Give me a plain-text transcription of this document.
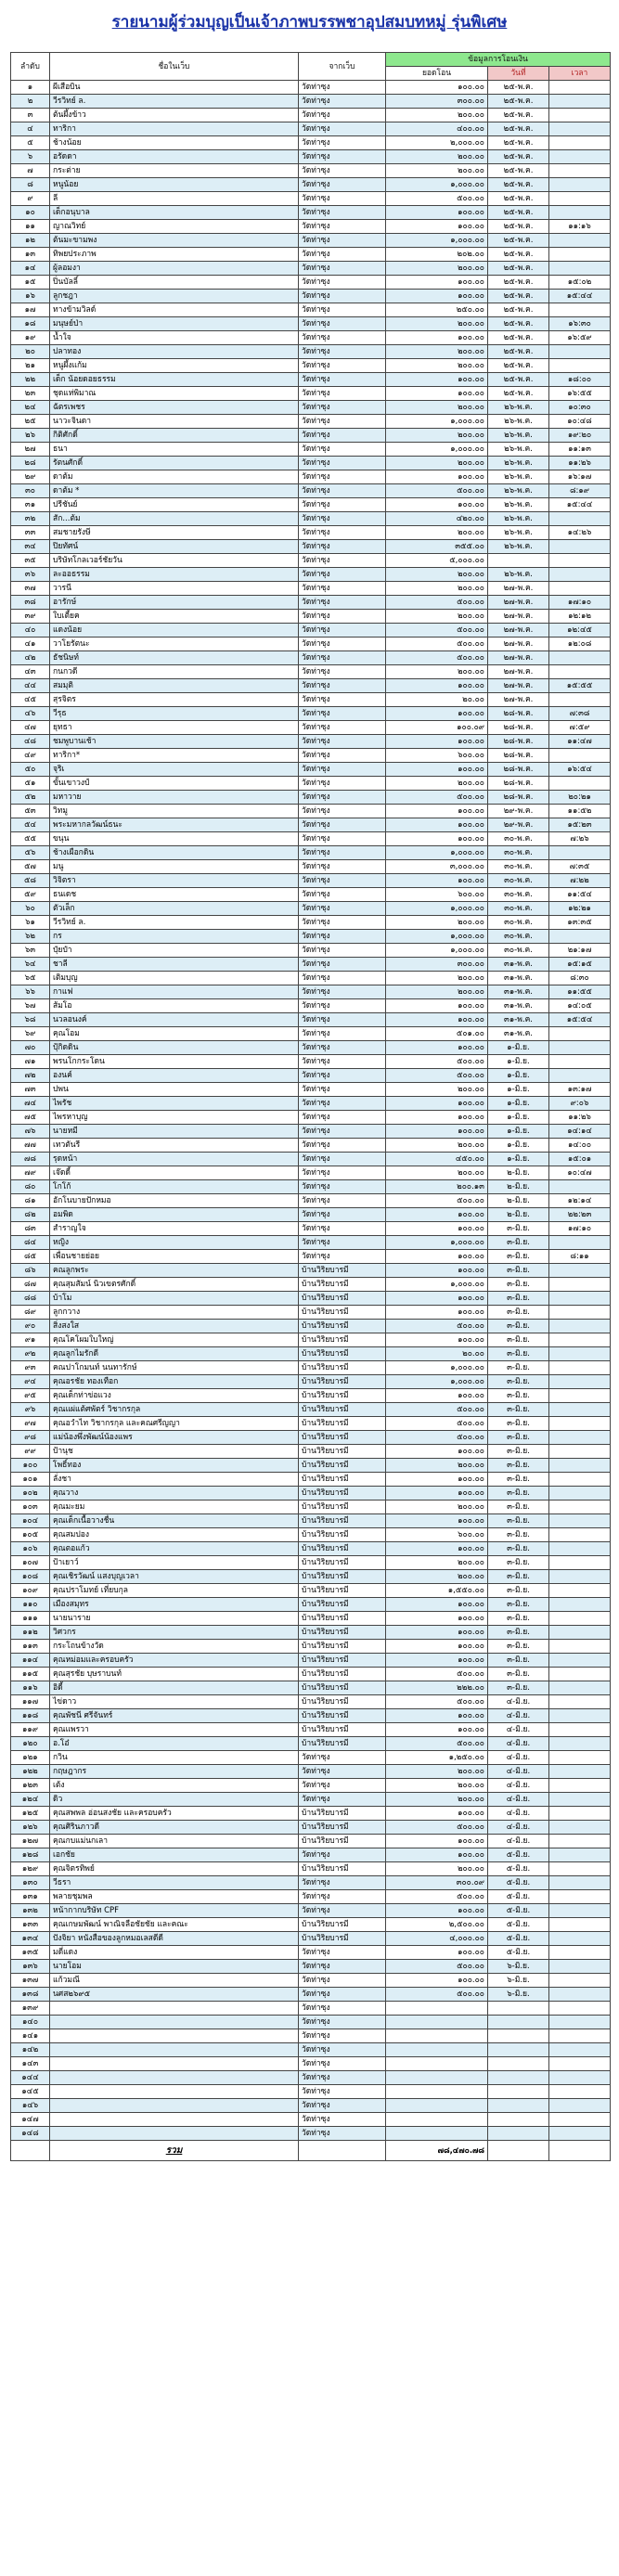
รายนามผู้ร่วมบุญเป็นเจ้าภาพบรรพชาอุปสมบทหมู่ รุ่นพิเศษ
ลำดับ	ชื่อในเว็บ	จากเว็บ	ข้อมูลการโอนเงิน		
			ยอดโอน	วันที่	เวลา
๑	ผีเสือบิน	วัดท่าซุง	๑๐๐.๐๐	๒๕-พ.ค.	
๒	วีรวิทย์ ล.	วัดท่าซุง	๓๐๐.๐๐	๒๕-พ.ค.	
๓	ต้นผึ้งข้าว	วัดท่าซุง	๒๐๐.๐๐	๒๕-พ.ค.	
๔	ทาริกา	วัดท่าซุง	๔๐๐.๐๐	๒๕-พ.ค.	
๕	ช้างน้อย	วัดท่าซุง	๒,๐๐๐.๐๐	๒๕-พ.ค.	
๖	อรัดดา	วัดท่าซุง	๒๐๐.๐๐	๒๕-พ.ค.	
๗	กระต่าย	วัดท่าซุง	๒๐๐.๐๐	๒๕-พ.ค.	
๘	หนูน้อย	วัดท่าซุง	๑,๐๐๐.๐๐	๒๕-พ.ค.	
๙	ลี	วัดท่าซุง	๕๐๐.๐๐	๒๕-พ.ค.	
๑๐	เด็กอนุบาล	วัดท่าซุง	๑๐๐.๐๐	๒๕-พ.ค.	
๑๑	ญาณวิทย์	วัดท่าซุง	๑๐๐.๐๐	๒๕-พ.ค.	๑๑:๑๖
๑๒	ต้นมะขามพง	วัดท่าซุง	๑,๐๐๐.๐๐	๒๕-พ.ค.	
๑๓	ทิพยประภาพ	วัดท่าซุง	๒๐๒.๐๐	๒๕-พ.ค.	
๑๔	ผู้ลอมงา	วัดท่าซุง	๒๐๐.๐๐	๒๕-พ.ค.	
๑๕	ปิ่นบัลลิ์	วัดท่าซุง	๑๐๐.๐๐	๒๕-พ.ค.	๑๕:๐๒
๑๖	ลูกชฎา	วัดท่าซุง	๑๐๐.๐๐	๒๕-พ.ค.	๑๕:๔๔
๑๗	ทางข้ามวิลด์	วัดท่าซุง	๒๕๐.๐๐	๒๕-พ.ค.	
๑๘	มนุษย์ป่า	วัดท่าซุง	๒๐๐.๐๐	๒๕-พ.ค.	๑๖:๓๐
๑๙	น้ำใจ	วัดท่าซุง	๑๐๐.๐๐	๒๕-พ.ค.	๑๖:๕๙
๒๐	ปลาทอง	วัดท่าซุง	๒๐๐.๐๐	๒๕-พ.ค.	
๒๑	หนูผึ้งแก้ม	วัดท่าซุง	๒๐๐.๐๐	๒๕-พ.ค.	
๒๒	เด็ก น้อยดอยธรรม	วัดท่าซุง	๑๐๐.๐๐	๒๕-พ.ค.	๑๘:๐๐
๒๓	ชุดแห่พิมาณ	วัดท่าซุง	๑๐๐.๐๐	๒๕-พ.ค.	๑๖:๕๕
๒๔	ฉัตรเพชร	วัดท่าซุง	๒๐๐.๐๐	๒๖-พ.ค.	๑๐:๓๐
๒๕	นาวะจินดา	วัดท่าซุง	๑,๐๐๐.๐๐	๒๖-พ.ค.	๑๐:๔๘
๒๖	กิติศักดิ์	วัดท่าซุง	๒๐๐.๐๐	๒๖-พ.ค.	๑๙:๒๐
๒๗	ธนา	วัดท่าซุง	๑,๐๐๐.๐๐	๒๖-พ.ค.	๑๑:๑๓
๒๘	รัตนศักดิ์	วัดท่าซุง	๒๐๐.๐๐	๒๖-พ.ค.	๑๑:๒๖
๒๙	ดาต้ม	วัดท่าซุง	๑๐๐.๐๐	๒๖-พ.ค.	๑๖:๑๗
๓๐	ดาต้ม *	วัดท่าซุง	๕๐๐.๐๐	๒๖-พ.ค.	๘:๑๙
๓๑	ปรีชันย์	วัดท่าซุง	๑๐๐.๐๐	๒๖-พ.ค.	๑๕:๔๔
๓๒	สัก...ต้ม	วัดท่าซุง	๔๒๐.๐๐	๒๖-พ.ค.	
๓๓	สมชายรังษี	วัดท่าซุง	๒๐๐.๐๐	๒๖-พ.ค.	๑๔:๒๖
๓๔	ปิยทัศน์	วัดท่าซุง	๓๕๕.๐๐	๒๖-พ.ค.	
๓๕	บริษัทโกลเวอร์ชัยวัน	วัดท่าซุง	๕,๐๐๐.๐๐		
๓๖	ละออธรรม	วัดท่าซุง	๒๐๐.๐๐	๒๖-พ.ค.	
๓๗	วารนี	วัดท่าซุง	๒๐๐.๐๐	๒๗-พ.ค.	
๓๘	อารักษ์	วัดท่าซุง	๕๐๐.๐๐	๒๗-พ.ค.	๑๗:๑๐
๓๙	ใบเตี้ยค	วัดท่าซุง	๒๐๐.๐๐	๒๗-พ.ค.	๑๒:๑๒
๔๐	แดงน้อย	วัดท่าซุง	๕๐๐.๐๐	๒๗-พ.ค.	๑๒:๔๕
๔๑	วาโยรัตนะ	วัดท่าซุง	๕๐๐.๐๐	๒๗-พ.ค.	๑๒:๐๘
๔๒	ธัชนิษท์	วัดท่าซุง	๕๐๐.๐๐	๒๗-พ.ค.	
๔๓	กนกวดี	วัดท่าซุง	๒๐๐.๐๐	๒๗-พ.ค.	
๔๔	สมมุติ	วัดท่าซุง	๑๐๐.๐๐	๒๗-พ.ค.	๑๕:๕๕
๔๕	สุรจิตร	วัดท่าซุง	๒๐.๐๐	๒๗-พ.ค.	
๔๖	วีรุธ	วัดท่าซุง	๑๐๐.๐๐	๒๘-พ.ค.	๗:๓๘
๔๗	ยุทธา	วัดท่าซุง	๑๐๐.๐๙	๒๘-พ.ค.	๗:๕๙
๔๘	ชมพูบานเช้า	วัดท่าซุง	๑๐๐.๐๐	๒๘-พ.ค.	๑๑:๔๗
๔๙	ทาริกา*	วัดท่าซุง	๖๐๐.๐๐	๒๘-พ.ค.	
๕๐	จุริเ	วัดท่าซุง	๑๐๐.๐๐	๒๘-พ.ค.	๑๖:๕๔
๕๑	ขั้นเขาวงป์	วัดท่าซุง	๒๐๐.๐๐	๒๘-พ.ค.	
๕๒	มหาวาย	วัดท่าซุง	๕๐๐.๐๐	๒๘-พ.ค.	๒๐:๒๑
๕๓	วิทมู	วัดท่าซุง	๑๐๐.๐๐	๒๙-พ.ค.	๑๑:๕๒
๕๔	พระมหากลวัฒน์ธนะ	วัดท่าซุง	๑๐๐.๐๐	๒๙-พ.ค.	๑๕:๒๓
๕๕	ขนุน	วัดท่าซุง	๑๐๐.๐๐	๓๐-พ.ค.	๗:๒๖
๕๖	ช้างเผือกดิน	วัดท่าซุง	๑,๐๐๐.๐๐	๓๐-พ.ค.	
๕๗	มนู	วัดท่าซุง	๓,๐๐๐.๐๐	๓๐-พ.ค.	๗:๓๕
๕๘	วิจิตรา	วัดท่าซุง	๑๐๐.๐๐	๓๐-พ.ค.	๗:๒๒
๕๙	ธนเดช	วัดท่าซุง	๖๐๐.๐๐	๓๐-พ.ค.	๑๑:๕๔
๖๐	ตัวเล็ก	วัดท่าซุง	๑,๐๐๐.๐๐	๓๐-พ.ค.	๑๒:๒๑
๖๑	วีรวิทย์ ล.	วัดท่าซุง	๒๐๐.๐๐	๓๐-พ.ค.	๑๓:๓๕
๖๒	กร	วัดท่าซุง	๑,๐๐๐.๐๐	๓๐-พ.ค.	
๖๓	ปุ๋ยป๋า	วัดท่าซุง	๑,๐๐๐.๐๐	๓๐-พ.ค.	๒๑:๑๗
๖๔	ชาลี	วัดท่าซุง	๓๐๐.๐๐	๓๑-พ.ค.	๑๕:๑๕
๖๕	เติมบุญ	วัดท่าซุง	๒๐๐.๐๐	๓๑-พ.ค.	๘:๓๐
๖๖	กาแฟ	วัดท่าซุง	๒๐๐.๐๐	๓๑-พ.ค.	๑๑:๕๕
๖๗	ส้มโอ	วัดท่าซุง	๑๐๐.๐๐	๓๑-พ.ค.	๑๔:๐๕
๖๘	นวลอนงค์	วัดท่าซุง	๑๐๐.๐๐	๓๑-พ.ค.	๑๕:๕๔
๖๙	คุณโอม	วัดท่าซุง	๕๐๑.๐๐	๓๑-พ.ค.	
๗๐	ปุ้กิดดิน	วัดท่าซุง	๑๐๐.๐๐	๑-มิ.ย.	
๗๑	พรนโกกระโดน	วัดท่าซุง	๕๐๐.๐๐	๑-มิ.ย.	
๗๒	องนค์	วัดท่าซุง	๕๐๐.๐๐	๑-มิ.ย.	
๗๓	ปพน	วัดท่าซุง	๒๐๐.๐๐	๑-มิ.ย.	๑๓:๑๗
๗๔	ไพรัช	วัดท่าซุง	๑๐๐.๐๐	๑-มิ.ย.	๙:๐๖
๗๕	ไพรหาบุญ	วัดท่าซุง	๑๐๐.๐๐	๑-มิ.ย.	๑๑:๒๖
๗๖	นายหมี	วัดท่าซุง	๑๐๐.๐๐	๑-มิ.ย.	๑๔:๑๔
๗๗	เทวตันรี	วัดท่าซุง	๒๐๐.๐๐	๑-มิ.ย.	๑๔:๐๐
๗๘	รุดหน้า	วัดท่าซุง	๔๕๐.๐๐	๑-มิ.ย.	๑๕:๐๑
๗๙	เจ๊ดดี้	วัดท่าซุง	๒๐๐.๐๐	๒-มิ.ย.	๑๐:๔๗
๘๐	โกโก้	วัดท่าซุง	๒๐๐.๑๓	๒-มิ.ย.	
๘๑	อักโนบายปักหมอ	วัดท่าซุง	๕๐๐.๐๐	๒-มิ.ย.	๑๒:๑๔
๘๒	อมพิด	วัดท่าซุง	๑๐๐.๐๐	๒-มิ.ย.	๒๒:๒๓
๘๓	สำราญใจ	วัดท่าซุง	๑๐๐.๐๐	๓-มิ.ย.	๑๗:๑๐
๘๔	หญิง	วัดท่าซุง	๑,๐๐๐.๐๐	๓-มิ.ย.	
๘๕	เพื่อนชายย่อย	วัดท่าซุง	๑๐๐.๐๐	๓-มิ.ย.	๘:๑๑
๘๖	คณลูกพระ	บ้านวิริยบารมี	๑๐๐.๐๐	๓-มิ.ย.	
๘๗	คุณสุมสัมน์ นิวเขตรศักดิ์	บ้านวิริยบารมี	๑,๐๐๐.๐๐	๓-มิ.ย.	
๘๘	บ้าโม	บ้านวิริยบารมี	๑๐๐.๐๐	๓-มิ.ย.	
๘๙	ลูกกวาง	บ้านวิริยบารมี	๑๐๐.๐๐	๓-มิ.ย.	
๙๐	สิ่งสงใส	บ้านวิริยบารมี	๕๐๐.๐๐	๓-มิ.ย.	
๙๑	คุณโคโผมใบใหญ่	บ้านวิริยบารมี	๑๐๐.๐๐	๓-มิ.ย.	
๙๒	คุณลูกไมรักดี	บ้านวิริยบารมี	๒๐.๐๐	๓-มิ.ย.	
๙๓	คณปาโกมนท์ นนทารักษ์	บ้านวิริยบารมี	๑,๐๐๐.๐๐	๓-มิ.ย.	
๙๔	คุณอรชัย ทองเทือก	บ้านวิริยบารมี	๑,๐๐๐.๐๐	๓-มิ.ย.	
๙๕	คุณเด็กท่าข่อแวง	บ้านวิริยบารมี	๑๐๐.๐๐	๓-มิ.ย.	
๙๖	คุณแผ่แต้ศพัตร์ วิชากรกุล	บ้านวิริยบารมี	๕๐๐.๐๐	๓-มิ.ย.	
๙๗	คุณอวำไท วิชากรกุล และคณศรีญญา	บ้านวิริยบารมี	๕๐๐.๐๐	๓-มิ.ย.	
๙๘	แม่น้องพึ่งพัฒน์น้องแพร	บ้านวิริยบารมี	๕๐๐.๐๐	๓-มิ.ย.	
๙๙	ป้านุช	บ้านวิริยบารมี	๑๐๐.๐๐	๓-มิ.ย.	
๑๐๐	โพธิ์ทอง	บ้านวิริยบารมี	๒๐๐.๐๐	๓-มิ.ย.	
๑๐๑	ลั่งชา	บ้านวิริยบารมี	๑๐๐.๐๐	๓-มิ.ย.	
๑๐๒	คุณวาง	บ้านวิริยบารมี	๑๐๐.๐๐	๓-มิ.ย.	
๑๐๓	คุณมะยม	บ้านวิริยบารมี	๒๐๐.๐๐	๓-มิ.ย.	
๑๐๔	คุณเด็กเนื้อวางชื่น	บ้านวิริยบารมี	๑๐๐.๐๐	๓-มิ.ย.	
๑๐๕	คุณสมปอง	บ้านวิริยบารมี	๖๐๐.๐๐	๓-มิ.ย.	
๑๐๖	คุณตอแก้ว	บ้านวิริยบารมี	๑๐๐.๐๐	๓-มิ.ย.	
๑๐๗	ป้าเยาว์	บ้านวิริยบารมี	๒๐๐.๐๐	๓-มิ.ย.	
๑๐๘	คุณเชิรวัฒน์ แสงบุญเวลา	บ้านวิริยบารมี	๒๐๐.๐๐	๓-มิ.ย.	
๑๐๙	คุณปราโมทย์ เที่ยบกุล	บ้านวิริยบารมี	๑,๕๕๐.๐๐	๓-มิ.ย.	
๑๑๐	เมืองสมุทร	บ้านวิริยบารมี	๑๐๐.๐๐	๓-มิ.ย.	
๑๑๑	นายนาราย	บ้านวิริยบารมี	๑๐๐.๐๐	๓-มิ.ย.	
๑๑๒	วิศวกร	บ้านวิริยบารมี	๑๐๐.๐๐	๓-มิ.ย.	
๑๑๓	กระโถนข้างวัด	บ้านวิริยบารมี	๑๐๐.๐๐	๓-มิ.ย.	
๑๑๔	คุณหม่อมและครอบครัว	บ้านวิริยบารมี	๑๐๐.๐๐	๓-มิ.ย.	
๑๑๕	คุณสุรชัย บุษราบนท์	บ้านวิริยบารมี	๕๐๐.๐๐	๓-มิ.ย.	
๑๑๖	อิดี้	บ้านวิริยบารมี	๒๒๒.๐๐	๓-มิ.ย.	
๑๑๗	ไข่ดาว	บ้านวิริยบารมี	๕๐๐.๐๐	๔-มิ.ย.	
๑๑๘	คุณพัชนี ศรีจันทร์	บ้านวิริยบารมี	๑๐๐.๐๐	๔-มิ.ย.	
๑๑๙	คุณแพรวา	บ้านวิริยบารมี	๑๐๐.๐๐	๔-มิ.ย.	
๑๒๐	อ.โอ๋	บ้านวิริยบารมี	๕๐๐.๐๐	๔-มิ.ย.	
๑๒๑	กวิน	วัดท่าซุง	๑,๒๕๐.๐๐	๔-มิ.ย.	
๑๒๒	กฤษฎากร	วัดท่าซุง	๒๐๐.๐๐	๔-มิ.ย.	
๑๒๓	เต้ง	วัดท่าซุง	๒๐๐.๐๐	๔-มิ.ย.	
๑๒๔	ดิว	วัดท่าซุง	๒๐๐.๐๐	๔-มิ.ย.	
๑๒๕	คุณสพพล อ่อนสงชัย และครอบครัว	บ้านวิริยบารมี	๑๐๐.๐๐	๔-มิ.ย.	
๑๒๖	คุณศิรินภาวดี	บ้านวิริยบารมี	๕๐๐.๐๐	๔-มิ.ย.	
๑๒๗	คุณกบแม่นกเลา	บ้านวิริยบารมี	๑๐๐.๐๐	๔-มิ.ย.	
๑๒๘	เอกชัย	วัดท่าซุง	๑๐๐.๐๐	๕-มิ.ย.	
๑๒๙	คุณจิตรทิพย์	บ้านวิริยบารมี	๒๐๐.๐๐	๕-มิ.ย.	
๑๓๐	วีธรา	วัดท่าซุง	๓๐๐.๐๙	๕-มิ.ย.	
๑๓๑	พลายชุมพล	วัดท่าซุง	๕๐๐.๐๐	๕-มิ.ย.	
๑๓๒	หน้ากากบริษัท CPF	วัดท่าซุง	๑๐๐.๐๐	๕-มิ.ย.	
๑๓๓	คุณเกษมพัฒน์ พาณิจลือชัยชัย และคณะ	บ้านวิริยบารมี	๒,๕๐๐.๐๐	๕-มิ.ย.	
๑๓๔	ปังจิยา หนังสือของลูกหมอเลสดีดี	บ้านวิริยบารมี	๔,๐๐๐.๐๐	๕-มิ.ย.	
๑๓๕	มดี่แดง	วัดท่าซุง	๑๐๐.๐๐	๕-มิ.ย.	
๑๓๖	นายโอม	วัดท่าซุง	๕๐๐.๐๐	๖-มิ.ย.	
๑๓๗	แก้วมณี	วัดท่าซุง	๑๐๐.๐๐	๖-มิ.ย.	
๑๓๘	นศส๒๖๙๕	วัดท่าซุง	๕๐๐.๐๐	๖-มิ.ย.	
๑๓๙		วัดท่าซุง			
๑๔๐		วัดท่าซุง			
๑๔๑		วัดท่าซุง			
๑๔๒		วัดท่าซุง			
๑๔๓		วัดท่าซุง			
๑๔๔		วัดท่าซุง			
๑๔๕		วัดท่าซุง			
๑๔๖		วัดท่าซุง			
๑๔๗		วัดท่าซุง			
๑๔๘		วัดท่าซุง			
	รวม		๗๘,๔๗๐.๗๘		
